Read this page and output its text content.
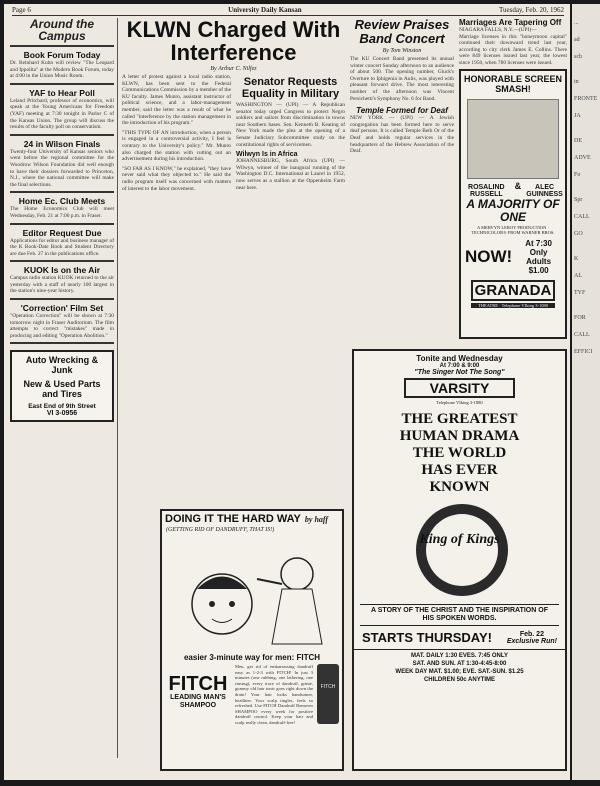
Page 6	University Daily Kansan	Tuesday, Feb. 20, 1962
Around the Campus
Book Forum Today

Dr. Reinhard Kuhn will review "The Leopard and Ippolita" at the Modern Book Forum, today at 4:00 in the Union Music Room.

YAF to Hear Poll

Leland Pritchard, professor of economics, will speak at the Young Americans for Freedom (YAF) meeting at 7:30 tonight in Parlor C of the Kansas Union. The group will discuss the results of the faculty poll on conservatism.

24 in Wilson Finals

Twenty-four University of Kansas seniors who went before the regional committee for the Woodrow Wilson Foundation did well enough to have their dossiers forwarded to Princeton, N.J., where the national committee will make the final selections.

Home Ec. Club Meets

The Home Economics Club will meet Wednesday, Feb. 21 at 7:00 p.m. in Fraser.

Editor Request Due

Applications for editor and business manager of the K Book-Date Book and Student Directory are due Feb. 27 in the publications office.

KUOK Is on the Air

Campus radio station KUOK returned to the air yesterday with a staff of nearly 100 largest in the station's nine-year history.

'Correction' Film Set

"Operation Correction" will be shown at 7:30 tomorrow night in Fraser Auditorium. The film attempts to correct "mistakes" made in producing and editing "Operation Abolition."

Auto Wrecking & Junk
New & Used Parts and Tires
East End of 9th Street
VI 3-0956
KLWN Charged With Interference
By Arthur C. Nilfez

A letter of protest against a local radio station, KLWN, has been sent to the Federal Communications Commission by a member of the KU faculty. James Munro, assistant instructor of political science, and a labor-management member, said the letter was a result of what he called "interference by the station management in the introduction of his program."

"THIS TYPE OF AN introduction, when a person is engaged in a controversial activity, I feel is contrary to the University's policy." Mr. Munro also charged the station with cutting out an advertisement during his introduction.

"SO FAR AS I KNOW," he explained, "they have never said what they objected to." He said the radio program itself was concerned with matters of interest to the labor movement.

Senator Requests Equality in Military

WASHINGTON — (UPI) — A Republican senator today urged Congress to protect Negro soldiers and sailors from discrimination in towns near Southern bases. Sen. Kenneth B. Keating of New York made the plea at the opening of a Senate Judiciary Subcommittee study on the constitutional rights of servicemen.

Wilwyn Is in Africa

JOHANNESBURG, South Africa (UPI) — Wilwyn, winner of the inaugural running of the Washington D.C. International at Laurel in 1952, now serves as a stallion at the Oppenheim Farm near here.

DOING IT THE HARD WAY by haff
(GETTING RID OF DANDRUFF, THAT IS!)
easier 3-minute way for men: FITCH
FITCH
LEADING MAN'S SHAMPOO

Men, get rid of embarrassing dandruff easy as 1-2-3 with FITCH! In just 3 minutes (one rubbing, one lathering, one rinsing), every trace of dandruff, grime, gummy old hair tonic goes right down the drain! Your hair looks handsomer, healthier. Your scalp tingles, feels so refreshed. Use FITCH Dandruff Remover SHAMPOO every week for positive dandruff control. Keep your hair and scalp really clean, dandruff-free!

FITCH
Review Praises Band Concert
By Tom Winston

The KU Concert Band presented its annual winter concert Sunday afternoon to an audience of about 500. The opening number, Gluck's Overture to Iphigenia in Aulis, was played with pleasant forward drive. The most interesting number of the afternoon was Vincent Persichetti's Symphony No. 6 for Band.

Temple Formed for Deaf

NEW YORK — (UPI) — A Jewish congregation has been formed here to serve deaf persons. It is called Temple Beth Or of the Deaf and holds regular services in the headquarters of the Hebrew Association of the Deaf.

Marriages Are Tapering Off
NIAGARA FALLS, N.Y.—(UPI)—

Marriage licenses in this "honeymoon capital" continued their downward trend last year, according to city clerk James E. Collins. There were 849 licenses issued last year, the lowest since 1950, when 780 licenses were issued.

HONORABLE SCREEN SMASH!
ROSALIND RUSSELL
&	ALEC GUINNESS
A MAJORITY OF ONE
A MERVYN LEROY PRODUCTION · TECHNICOLOR® FROM WARNER BROS.
NOW!
At 7:30 Only
Adults $1.00
GRANADA
THEATRE · Telephone VIking 3-1080
Tonite and Wednesday
At 7:00 & 9:00
"The Singer Not The Song"
VARSITY
Telephone VIking 3-1880
THE GREATEST
HUMAN DRAMA
THE WORLD
HAS EVER
KNOWN
King of Kings
A STORY OF THE CHRIST AND THE INSPIRATION OF HIS SPOKEN WORDS.
STARTS THURSDAY!	Feb. 22
Exclusive Run!
MAT. DAILY 1:30 EVES. 7:45 ONLY
SAT. AND SUN. AT 1:30-4:45-8:00
WEEK DAY MAT. $1.00; EVE. SAT.-SUN. $1.25
CHILDREN 50c ANYTIME
...
ad
sch
in
FRONTE
JA
DE
ADVE
Fo
Spr
CALL
GO
K
AL
TYF
FOR
CALL
EFFICI
